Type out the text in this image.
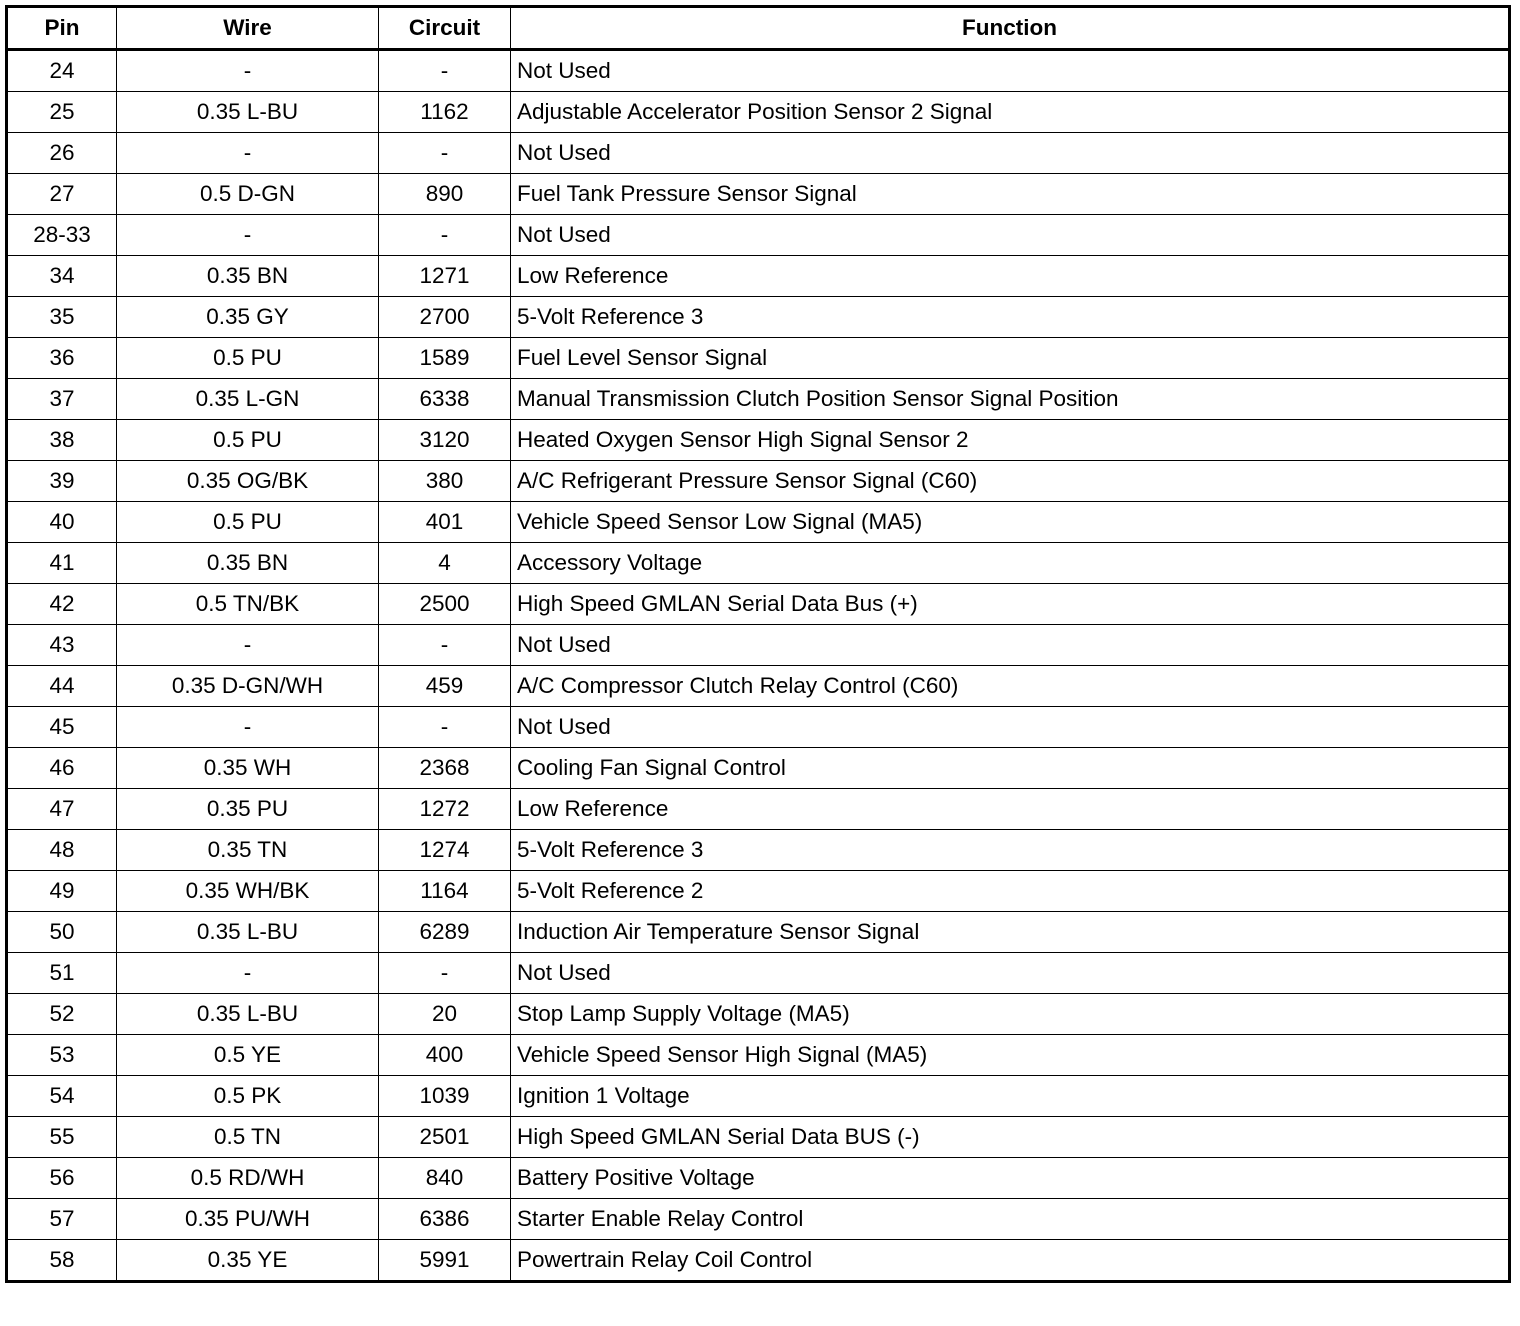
Pin	Wire	Circuit	Function
24	-	-	Not Used
25	0.35 L-BU	1162	Adjustable Accelerator Position Sensor 2 Signal
26	-	-	Not Used
27	0.5 D-GN	890	Fuel Tank Pressure Sensor Signal
28-33	-	-	Not Used
34	0.35 BN	1271	Low Reference
35	0.35 GY	2700	5-Volt Reference 3
36	0.5 PU	1589	Fuel Level Sensor Signal
37	0.35 L-GN	6338	Manual Transmission Clutch Position Sensor Signal Position
38	0.5 PU	3120	Heated Oxygen Sensor High Signal Sensor 2
39	0.35 OG/BK	380	A/C Refrigerant Pressure Sensor Signal (C60)
40	0.5 PU	401	Vehicle Speed Sensor Low Signal (MA5)
41	0.35 BN	4	Accessory Voltage
42	0.5 TN/BK	2500	High Speed GMLAN Serial Data Bus (+)
43	-	-	Not Used
44	0.35 D-GN/WH	459	A/C Compressor Clutch Relay Control (C60)
45	-	-	Not Used
46	0.35 WH	2368	Cooling Fan Signal Control
47	0.35 PU	1272	Low Reference
48	0.35 TN	1274	5-Volt Reference 3
49	0.35 WH/BK	1164	5-Volt Reference 2
50	0.35 L-BU	6289	Induction Air Temperature Sensor Signal
51	-	-	Not Used
52	0.35 L-BU	20	Stop Lamp Supply Voltage (MA5)
53	0.5 YE	400	Vehicle Speed Sensor High Signal (MA5)
54	0.5 PK	1039	Ignition 1 Voltage
55	0.5 TN	2501	High Speed GMLAN Serial Data BUS (-)
56	0.5 RD/WH	840	Battery Positive Voltage
57	0.35 PU/WH	6386	Starter Enable Relay Control
58	0.35 YE	5991	Powertrain Relay Coil Control
